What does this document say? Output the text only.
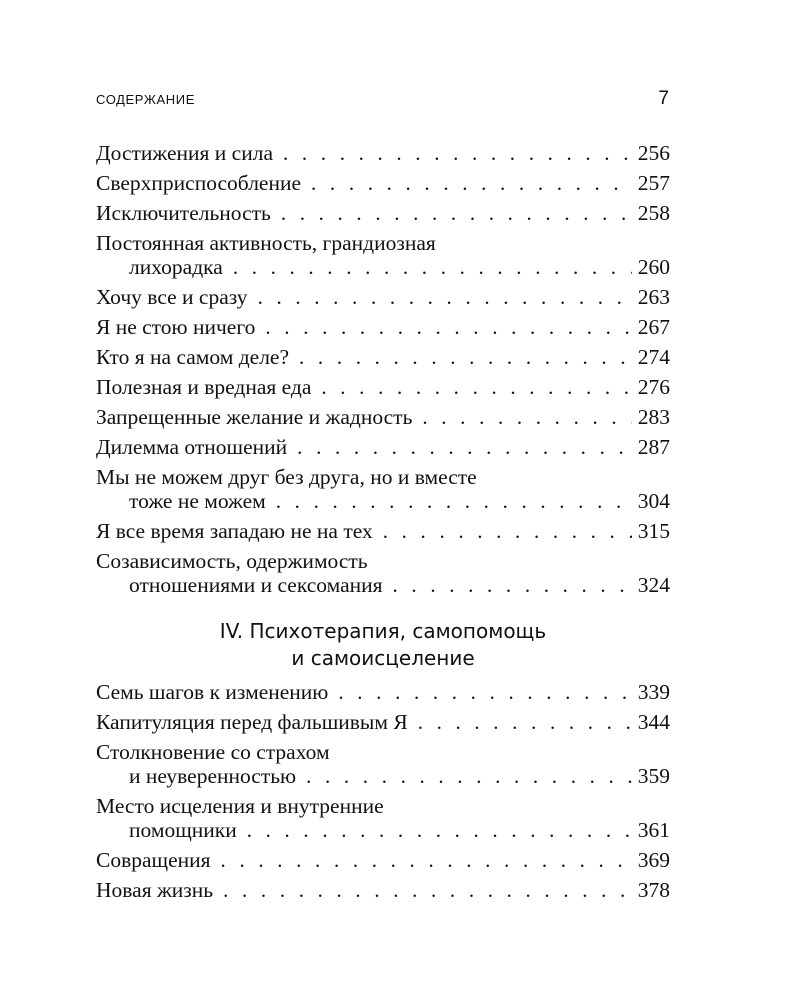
СОДЕРЖАНИЕ	7
Достижения и сила . . .	256
Сверхприспособление . . .	257
Исключительность . . .	258
Постоянная активность, грандиозная
лихорадка . . .	260
Хочу все и сразу . . .	263
Я не стою ничего . . .	267
Кто я на самом деле? . . .	274
Полезная и вредная еда . . .	276
Запрещенные желание и жадность . . .	283
Дилемма отношений . . .	287
Мы не можем друг без друга, но и вместе
тоже не можем . . .	304
Я все время западаю не на тех . . .	315
Созависимость, одержимость
отношениями и сексомания . . .	324
IV. Психотерапия, самопомощь
и самоисцеление
Семь шагов к изменению . . .	339
Капитуляция перед фальшивым Я . . .	344
Столкновение со страхом
и неуверенностью . . .	359
Место исцеления и внутренние
помощники . . .	361
Совращения . . .	369
Новая жизнь . . .	378
